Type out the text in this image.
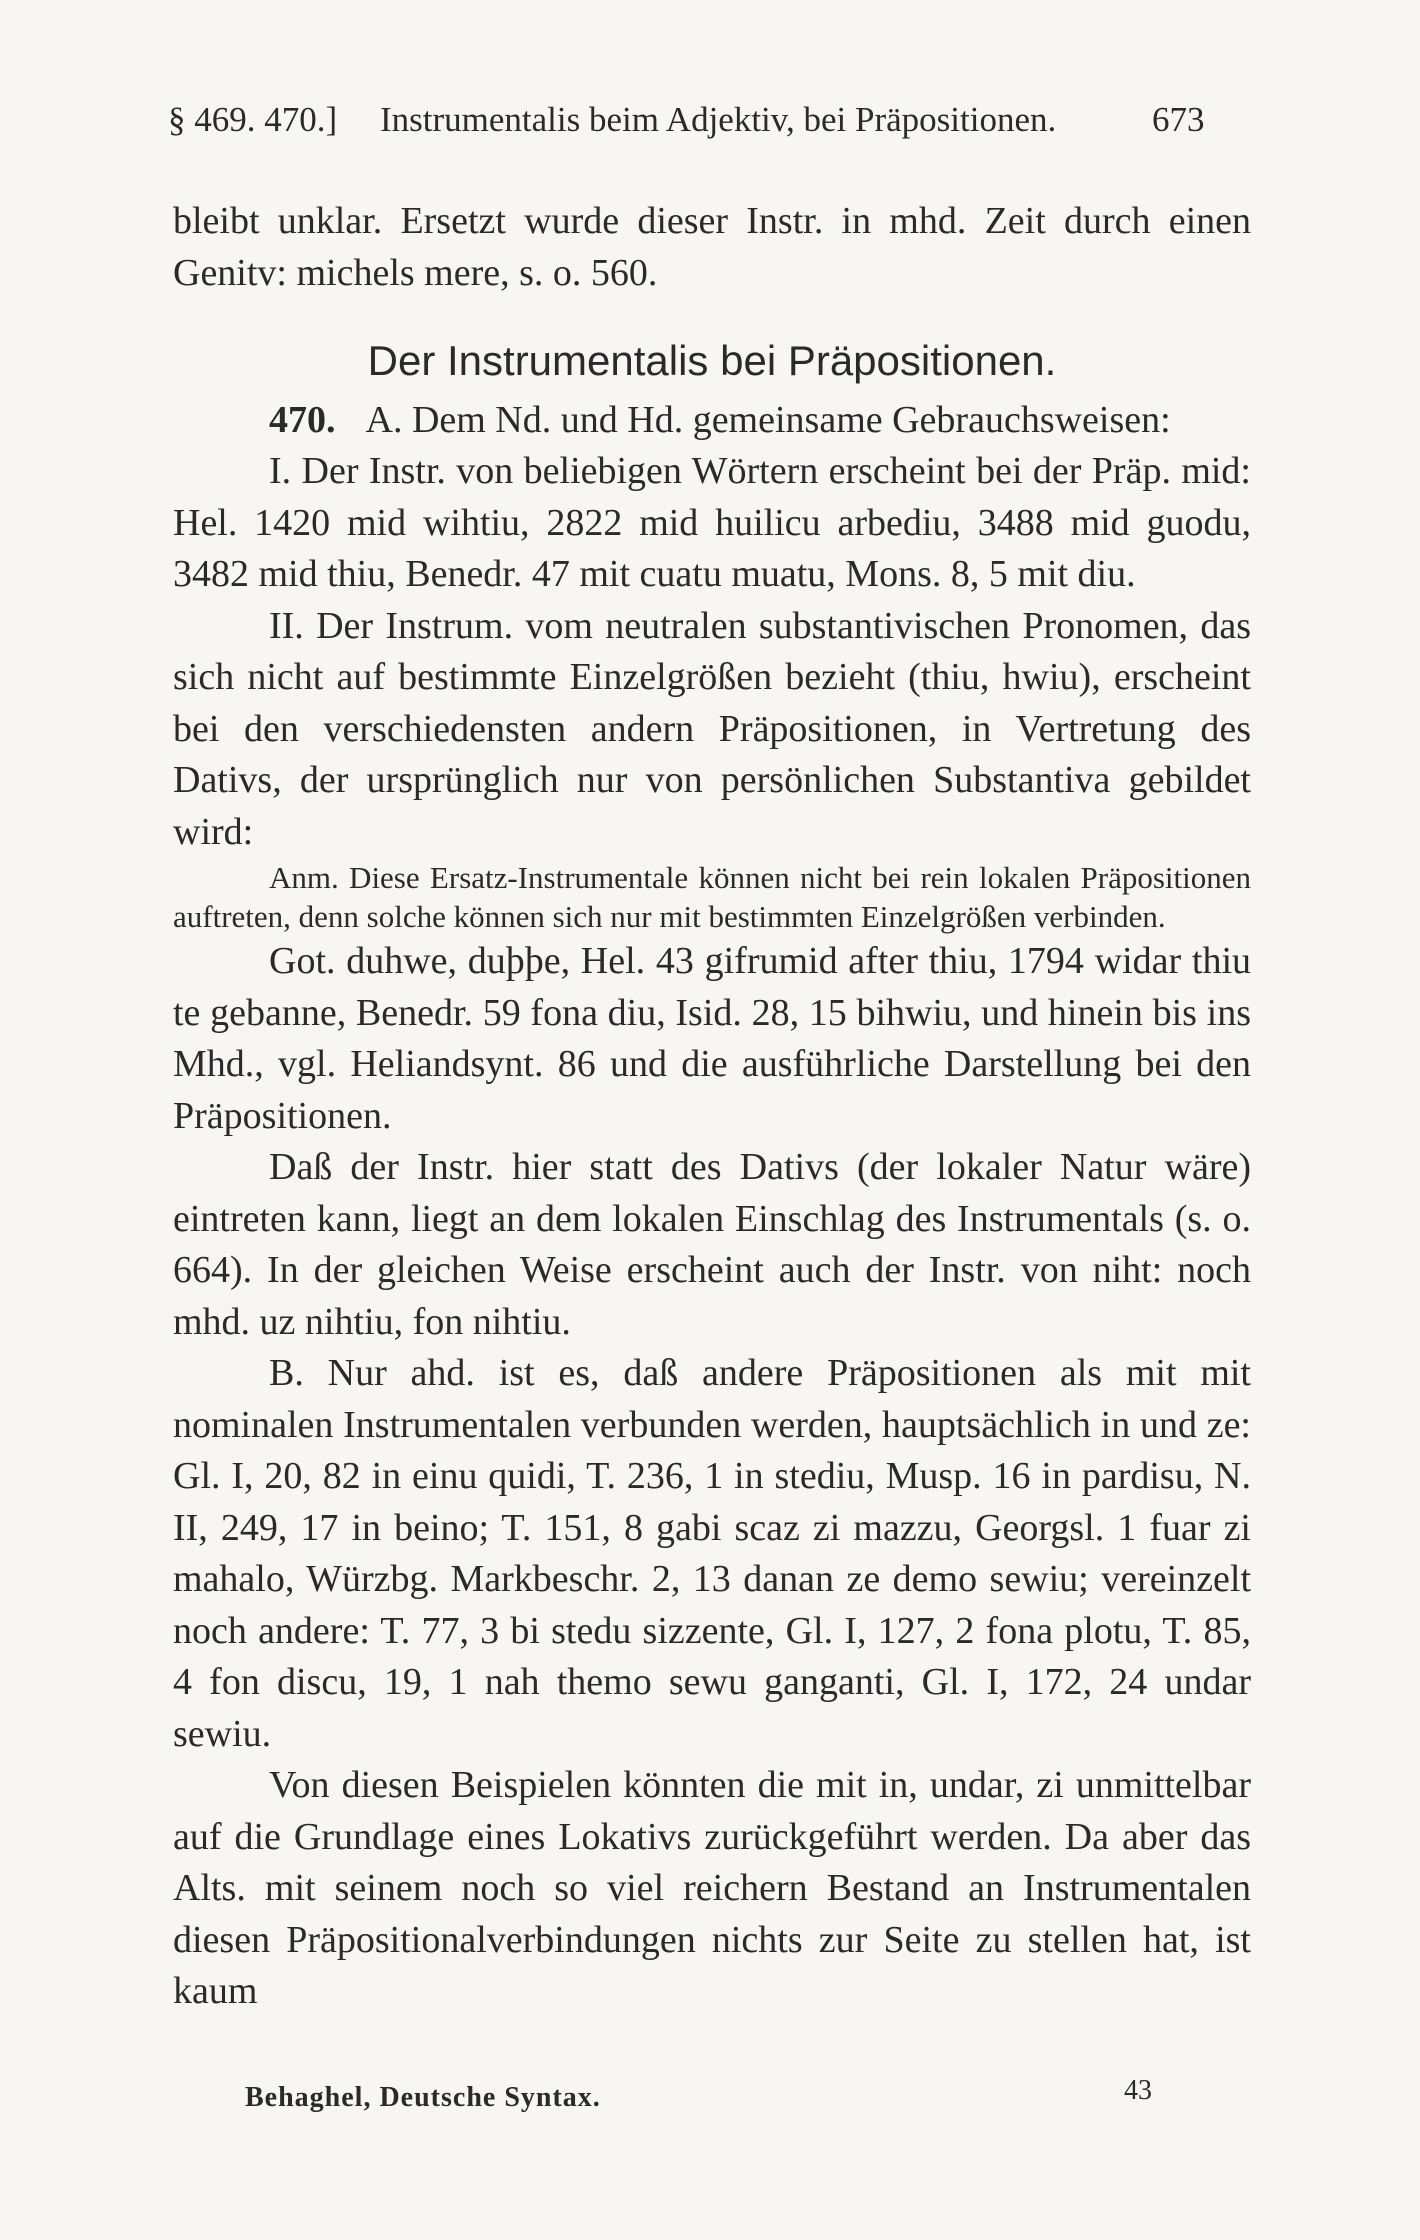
§ 469. 470.] Instrumentalis beim Adjektiv, bei Präpositionen.	673

bleibt unklar. Ersetzt wurde dieser Instr. in mhd. Zeit durch einen Genitv: michels mere, s. o. 560.

Der Instrumentalis bei Präpositionen.

470. A. Dem Nd. und Hd. gemeinsame Gebrauchsweisen:

I. Der Instr. von beliebigen Wörtern erscheint bei der Präp. mid: Hel. 1420 mid wihtiu, 2822 mid huilicu arbediu, 3488 mid guodu, 3482 mid thiu, Benedr. 47 mit cuatu muatu, Mons. 8, 5 mit diu.

II. Der Instrum. vom neutralen substantivischen Pronomen, das sich nicht auf bestimmte Einzelgrößen bezieht (thiu, hwiu), erscheint bei den verschiedensten andern Präpositionen, in Vertretung des Dativs, der ursprünglich nur von persönlichen Substantiva gebildet wird:

Anm. Diese Ersatz-Instrumentale können nicht bei rein lokalen Präpositionen auftreten, denn solche können sich nur mit bestimmten Einzelgrößen verbinden.

Got. duhwe, duþþe, Hel. 43 gifrumid after thiu, 1794 widar thiu te gebanne, Benedr. 59 fona diu, Isid. 28, 15 bihwiu, und hinein bis ins Mhd., vgl. Heliandsynt. 86 und die ausführliche Darstellung bei den Präpositionen.

Daß der Instr. hier statt des Dativs (der lokaler Natur wäre) eintreten kann, liegt an dem lokalen Einschlag des Instrumentals (s. o. 664). In der gleichen Weise erscheint auch der Instr. von niht: noch mhd. uz nihtiu, fon nihtiu.

B. Nur ahd. ist es, daß andere Präpositionen als mit mit nominalen Instrumentalen verbunden werden, hauptsächlich in und ze: Gl. I, 20, 82 in einu quidi, T. 236, 1 in stediu, Musp. 16 in pardisu, N. II, 249, 17 in beino; T. 151, 8 gabi scaz zi mazzu, Georgsl. 1 fuar zi mahalo, Würzbg. Markbeschr. 2, 13 danan ze demo sewiu; vereinzelt noch andere: T. 77, 3 bi stedu sizzente, Gl. I, 127, 2 fona plotu, T. 85, 4 fon discu, 19, 1 nah themo sewu ganganti, Gl. I, 172, 24 undar sewiu.

Von diesen Beispielen könnten die mit in, undar, zi unmittelbar auf die Grundlage eines Lokativs zurückgeführt werden. Da aber das Alts. mit seinem noch so viel reichern Bestand an Instrumentalen diesen Präpositionalverbindungen nichts zur Seite zu stellen hat, ist kaum

Behaghel, Deutsche Syntax.	43
